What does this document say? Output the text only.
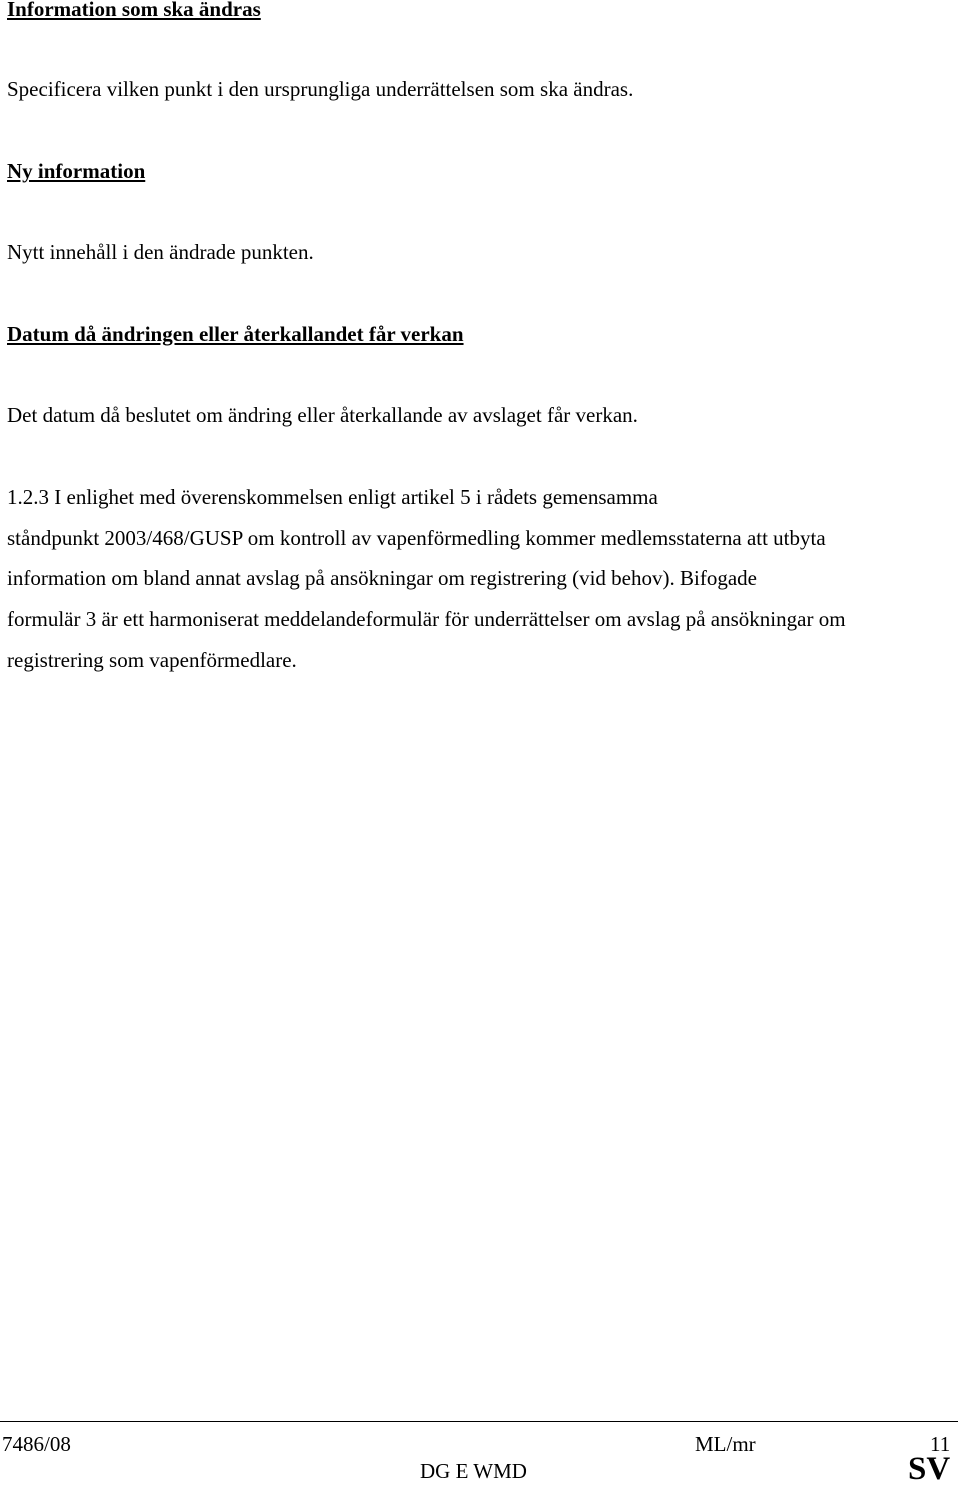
Information som ska ändras
Specificera vilken punkt i den ursprungliga underrättelsen som ska ändras.
Ny information
Nytt innehåll i den ändrade punkten.
Datum då ändringen eller återkallandet får verkan
Det datum då beslutet om ändring eller återkallande av avslaget får verkan.
1.2.3 I enlighet med överenskommelsen enligt artikel 5 i rådets gemensamma
ståndpunkt 2003/468/GUSP om kontroll av vapenförmedling kommer medlemsstaterna att utbyta
information om bland annat avslag på ansökningar om registrering (vid behov). Bifogade
formulär 3 är ett harmoniserat meddelandeformulär för underrättelser om avslag på ansökningar om
registrering som vapenförmedlare.
7486/08	ML/mr	11
DG E WMD	SV
